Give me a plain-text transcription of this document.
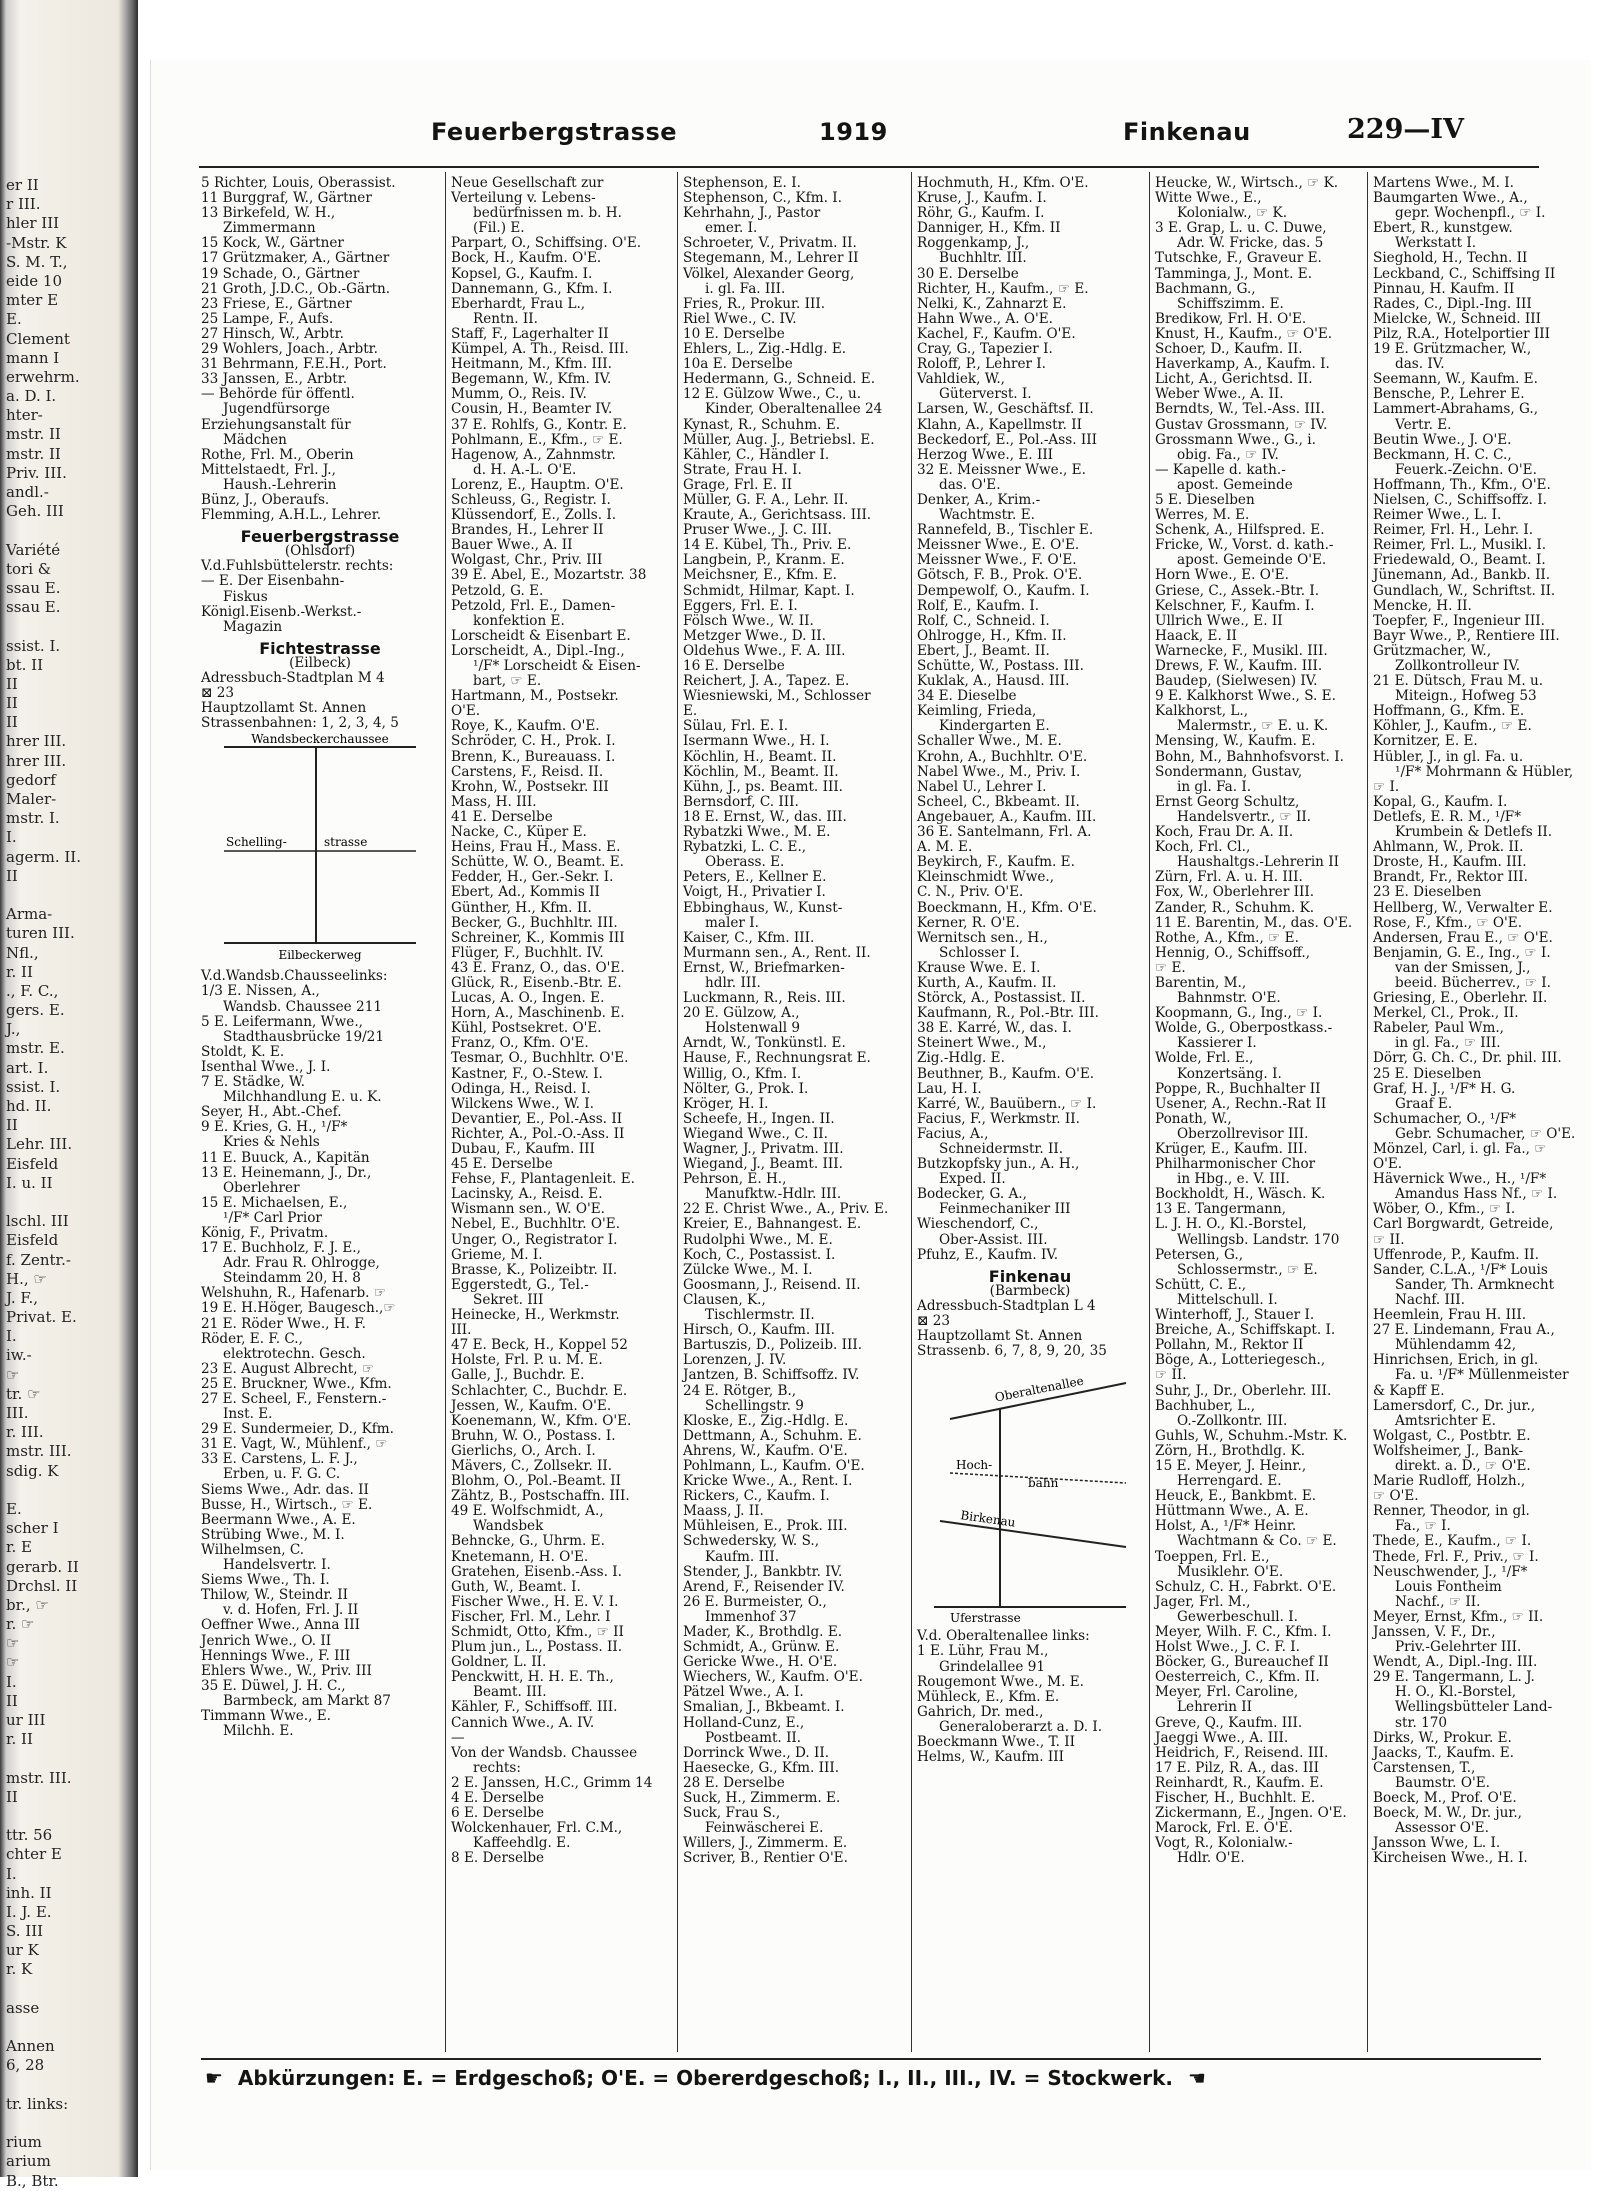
er II
r III.
hler III
-Mstr. K
S. M. T.,
eide 10
mter E
E.
Clement
mann I
erwehrm.
a. D. I.
hter-
mstr. II
mstr. II
Priv. III.
andl.-
Geh. III
Variété
tori &
ssau E.
ssau E.
ssist. I.
bt. II
II
II
II
hrer III.
hrer III.
gedorf
Maler-
mstr. I.
I.
agerm. II.
II
Arma-
turen III.
Nfl.,
r. II
., F. C.,
gers. E.
J.,
mstr. E.
art. I.
ssist. I.
hd. II.
II
Lehr. III.
Eisfeld
I. u. II
lschl. III
Eisfeld
f. Zentr.-
H., ☞
J. F.,
Privat. E.
I.
iw.-
☞
tr. ☞
III.
r. III.
mstr. III.
sdig. K
E.
scher I
r. E
gerarb. II
Drchsl. II
br., ☞
r. ☞
☞
☞
I.
II
ur III
r. II
mstr. III.
II
ttr. 56
chter E
I.
inh. II
I. J. E.
S. III
ur K
r. K
asse
Annen
6, 28
tr. links:
rium
arium
B., Btr.
Feuerbergstrasse	1919	Finkenau	229—IV
5 Richter, Louis, Oberassist.
11 Burggraf, W., Gärtner
13 Birkefeld, W. H.,
Zimmermann
15 Kock, W., Gärtner
17 Grützmaker, A., Gärtner
19 Schade, O., Gärtner
21 Groth, J.D.C., Ob.-Gärtn.
23 Friese, E., Gärtner
25 Lampe, F., Aufs.
27 Hinsch, W., Arbtr.
29 Wohlers, Joach., Arbtr.
31 Behrmann, F.E.H., Port.
33 Janssen, E., Arbtr.
— Behörde für öffentl.
Jugendfürsorge
Erziehungsanstalt für
Mädchen
Rothe, Frl. M., Oberin
Mittelstaedt, Frl. J.,
Haush.-Lehrerin
Bünz, J., Oberaufs.
Flemming, A.H.L., Lehrer.
Feuerbergstrasse
(Ohlsdorf)
V.d.Fuhlsbüttelerstr. rechts:
— E. Der Eisenbahn-
Fiskus
Königl.Eisenb.-Werkst.-
Magazin
Fichtestrasse
(Eilbeck)
Adressbuch-Stadtplan M 4
⊠ 23
Hauptzollamt St. Annen
Strassenbahnen: 1, 2, 3, 4, 5
Wandsbeckerchaussee
Schelling-	strasse
Eilbeckerweg
V.d.Wandsb.Chausseelinks:
1/3 E. Nissen, A.,
Wandsb. Chaussee 211
5 E. Leifermann, Wwe.,
Stadthausbrücke 19/21
Stoldt, K. E.
Isenthal Wwe., J. I.
7 E. Städke, W.
Milchhandlung E. u. K.
Seyer, H., Abt.-Chef.
9 E. Kries, G. H., ¹/F*
Kries & Nehls
11 E. Buuck, A., Kapitän
13 E. Heinemann, J., Dr.,
Oberlehrer
15 E. Michaelsen, E.,
¹/F* Carl Prior
König, F., Privatm.
17 E. Buchholz, F. J. E.,
Adr. Frau R. Ohlrogge,
Steindamm 20, H. 8
Welshuhn, R., Hafenarb. ☞
19 E. H.Höger, Baugesch.,☞
21 E. Röder Wwe., H. F.
Röder, E. F. C.,
elektrotechn. Gesch.
23 E. August Albrecht, ☞
25 E. Bruckner, Wwe., Kfm.
27 E. Scheel, F., Fenstern.-
Inst. E.
29 E. Sundermeier, D., Kfm.
31 E. Vagt, W., Mühlenf., ☞
33 E. Carstens, L. F. J.,
Erben, u. F. G. C.
Siems Wwe., Adr. das. II
Busse, H., Wirtsch., ☞ E.
Beermann Wwe., A. E.
Strübing Wwe., M. I.
Wilhelmsen, C.
Handelsvertr. I.
Siems Wwe., Th. I.
Thilow, W., Steindr. II
v. d. Hofen, Frl. J. II
Oeffner Wwe., Anna III
Jenrich Wwe., O. II
Hennings Wwe., F. III
Ehlers Wwe., W., Priv. III
35 E. Düwel, J. H. C.,
Barmbeck, am Markt 87
Timmann Wwe., E.
Milchh. E.
Neue Gesellschaft zur
Verteilung v. Lebens-
bedürfnissen m. b. H.
(Fil.) E.
Parpart, O., Schiffsing. O'E.
Bock, H., Kaufm. O'E.
Kopsel, G., Kaufm. I.
Dannemann, G., Kfm. I.
Eberhardt, Frau L.,
Rentn. II.
Staff, F., Lagerhalter II
Kümpel, A. Th., Reisd. III.
Heitmann, M., Kfm. III.
Begemann, W., Kfm. IV.
Mumm, O., Reis. IV.
Cousin, H., Beamter IV.
37 E. Rohlfs, G., Kontr. E.
Pohlmann, E., Kfm., ☞ E.
Hagenow, A., Zahnmstr.
d. H. A.-L. O'E.
Lorenz, E., Hauptm. O'E.
Schleuss, G., Registr. I.
Klüssendorf, E., Zolls. I.
Brandes, H., Lehrer II
Bauer Wwe., A. II
Wolgast, Chr., Priv. III
39 E. Abel, E., Mozartstr. 38
Petzold, G. E.
Petzold, Frl. E., Damen-
konfektion E.
Lorscheidt & Eisenbart E.
Lorscheidt, A., Dipl.-Ing.,
¹/F* Lorscheidt & Eisen-
bart, ☞ E.
Hartmann, M., Postsekr.
O'E.
Roye, K., Kaufm. O'E.
Schröder, C. H., Prok. I.
Brenn, K., Bureauass. I.
Carstens, F., Reisd. II.
Krohn, W., Postsekr. III
Mass, H. III.
41 E. Derselbe
Nacke, C., Küper E.
Heins, Frau H., Mass. E.
Schütte, W. O., Beamt. E.
Fedder, H., Ger.-Sekr. I.
Ebert, Ad., Kommis II
Günther, H., Kfm. II.
Becker, G., Buchhltr. III.
Schreiner, K., Kommis III
Flüger, F., Buchhlt. IV.
43 E. Franz, O., das. O'E.
Glück, R., Eisenb.-Btr. E.
Lucas, A. O., Ingen. E.
Horn, A., Maschinenb. E.
Kühl, Postsekret. O'E.
Franz, O., Kfm. O'E.
Tesmar, O., Buchhltr. O'E.
Kastner, F., O.-Stew. I.
Odinga, H., Reisd. I.
Wilckens Wwe., W. I.
Devantier, E., Pol.-Ass. II
Richter, A., Pol.-O.-Ass. II
Dubau, F., Kaufm. III
45 E. Derselbe
Fehse, F., Plantagenleit. E.
Lacinsky, A., Reisd. E.
Wismann sen., W. O'E.
Nebel, E., Buchhltr. O'E.
Unger, O., Registrator I.
Grieme, M. I.
Brasse, K., Polizeibtr. II.
Eggerstedt, G., Tel.-
Sekret. III
Heinecke, H., Werkmstr.
III.
47 E. Beck, H., Koppel 52
Holste, Frl. P. u. M. E.
Galle, J., Buchdr. E.
Schlachter, C., Buchdr. E.
Jessen, W., Kaufm. O'E.
Koenemann, W., Kfm. O'E.
Bruhn, W. O., Postass. I.
Gierlichs, O., Arch. I.
Mävers, C., Zollsekr. II.
Blohm, O., Pol.-Beamt. II
Zähtz, B., Postschaffn. III.
49 E. Wolfschmidt, A.,
Wandsbek
Behncke, G., Uhrm. E.
Knetemann, H. O'E.
Gratehen, Eisenb.-Ass. I.
Guth, W., Beamt. I.
Fischer Wwe., H. E. V. I.
Fischer, Frl. M., Lehr. I
Schmidt, Otto, Kfm., ☞ II
Plum jun., L., Postass. II.
Goldner, L. II.
Penckwitt, H. H. E. Th.,
Beamt. III.
Kähler, F., Schiffsoff. III.
Cannich Wwe., A. IV.
—
Von der Wandsb. Chaussee
rechts:
2 E. Janssen, H.C., Grimm 14
4 E. Derselbe
6 E. Derselbe
Wolckenhauer, Frl. C.M.,
Kaffeehdlg. E.
8 E. Derselbe
Stephenson, E. I.
Stephenson, C., Kfm. I.
Kehrhahn, J., Pastor
emer. I.
Schroeter, V., Privatm. II.
Stegemann, M., Lehrer II
Völkel, Alexander Georg,
i. gl. Fa. III.
Fries, R., Prokur. III.
Riel Wwe., C. IV.
10 E. Derselbe
Ehlers, L., Zig.-Hdlg. E.
10a E. Derselbe
Hedermann, G., Schneid. E.
12 E. Gülzow Wwe., C., u.
Kinder, Oberaltenallee 24
Kynast, R., Schuhm. E.
Müller, Aug. J., Betriebsl. E.
Kähler, C., Händler I.
Strate, Frau H. I.
Grage, Frl. E. II
Müller, G. F. A., Lehr. II.
Kraute, A., Gerichtsass. III.
Pruser Wwe., J. C. III.
14 E. Kübel, Th., Priv. E.
Langbein, P., Kranm. E.
Meichsner, E., Kfm. E.
Schmidt, Hilmar, Kapt. I.
Eggers, Frl. E. I.
Fölsch Wwe., W. II.
Metzger Wwe., D. II.
Oldehus Wwe., F. A. III.
16 E. Derselbe
Reichert, J. A., Tapez. E.
Wiesniewski, M., Schlosser
E.
Sülau, Frl. E. I.
Isermann Wwe., H. I.
Köchlin, H., Beamt. II.
Köchlin, M., Beamt. II.
Kühn, J., ps. Beamt. III.
Bernsdorf, C. III.
18 E. Ernst, W., das. III.
Rybatzki Wwe., M. E.
Rybatzki, L. C. E.,
Oberass. E.
Peters, E., Kellner E.
Voigt, H., Privatier I.
Ebbinghaus, W., Kunst-
maler I.
Kaiser, C., Kfm. III.
Murmann sen., A., Rent. II.
Ernst, W., Briefmarken-
hdlr. III.
Luckmann, R., Reis. III.
20 E. Gülzow, A.,
Holstenwall 9
Arndt, W., Tonkünstl. E.
Hause, F., Rechnungsrat E.
Willig, O., Kfm. I.
Nölter, G., Prok. I.
Kröger, H. I.
Scheefe, H., Ingen. II.
Wiegand Wwe., C. II.
Wagner, J., Privatm. III.
Wiegand, J., Beamt. III.
Pehrson, E. H.,
Manufktw.-Hdlr. III.
22 E. Christ Wwe., A., Priv. E.
Kreier, E., Bahnangest. E.
Rudolphi Wwe., M. E.
Koch, C., Postassist. I.
Zülcke Wwe., M. I.
Goosmann, J., Reisend. II.
Clausen, K.,
Tischlermstr. II.
Hirsch, O., Kaufm. III.
Bartuszis, D., Polizeib. III.
Lorenzen, J. IV.
Jantzen, B. Schiffsoffz. IV.
24 E. Rötger, B.,
Schellingstr. 9
Kloske, E., Zig.-Hdlg. E.
Dettmann, A., Schuhm. E.
Ahrens, W., Kaufm. O'E.
Pohlmann, L., Kaufm. O'E.
Kricke Wwe., A., Rent. I.
Rickers, C., Kaufm. I.
Maass, J. II.
Mühleisen, E., Prok. III.
Schwedersky, W. S.,
Kaufm. III.
Stender, J., Bankbtr. IV.
Arend, F., Reisender IV.
26 E. Burmeister, O.,
Immenhof 37
Mader, K., Brothdlg. E.
Schmidt, A., Grünw. E.
Gericke Wwe., H. O'E.
Wiechers, W., Kaufm. O'E.
Pätzel Wwe., A. I.
Smalian, J., Bkbeamt. I.
Holland-Cunz, E.,
Postbeamt. II.
Dorrinck Wwe., D. II.
Haesecke, G., Kfm. III.
28 E. Derselbe
Suck, H., Zimmerm. E.
Suck, Frau S.,
Feinwäscherei E.
Willers, J., Zimmerm. E.
Scriver, B., Rentier O'E.
Hochmuth, H., Kfm. O'E.
Kruse, J., Kaufm. I.
Röhr, G., Kaufm. I.
Danniger, H., Kfm. II
Roggenkamp, J.,
Buchhltr. III.
30 E. Derselbe
Richter, H., Kaufm., ☞ E.
Nelki, K., Zahnarzt E.
Hahn Wwe., A. O'E.
Kachel, F., Kaufm. O'E.
Cray, G., Tapezier I.
Roloff, P., Lehrer I.
Vahldiek, W.,
Güterverst. I.
Larsen, W., Geschäftsf. II.
Klahn, A., Kapellmstr. II
Beckedorf, E., Pol.-Ass. III
Herzog Wwe., E. III
32 E. Meissner Wwe., E.
das. O'E.
Denker, A., Krim.-
Wachtmstr. E.
Rannefeld, B., Tischler E.
Meissner Wwe., E. O'E.
Meissner Wwe., F. O'E.
Götsch, F. B., Prok. O'E.
Dempewolf, O., Kaufm. I.
Rolf, E., Kaufm. I.
Rolf, C., Schneid. I.
Ohlrogge, H., Kfm. II.
Ebert, J., Beamt. II.
Schütte, W., Postass. III.
Kuklak, A., Hausd. III.
34 E. Dieselbe
Keimling, Frieda,
Kindergarten E.
Schaller Wwe., M. E.
Krohn, A., Buchhltr. O'E.
Nabel Wwe., M., Priv. I.
Nabel U., Lehrer I.
Scheel, C., Bkbeamt. II.
Angebauer, A., Kaufm. III.
36 E. Santelmann, Frl. A.
A. M. E.
Beykirch, F., Kaufm. E.
Kleinschmidt Wwe.,
C. N., Priv. O'E.
Boeckmann, H., Kfm. O'E.
Kerner, R. O'E.
Wernitsch sen., H.,
Schlosser I.
Krause Wwe. E. I.
Kurth, A., Kaufm. II.
Störck, A., Postassist. II.
Kaufmann, R., Pol.-Btr. III.
38 E. Karré, W., das. I.
Steinert Wwe., M.,
Zig.-Hdlg. E.
Beuthner, B., Kaufm. O'E.
Lau, H. I.
Karré, W., Bauübern., ☞ I.
Facius, F., Werkmstr. II.
Facius, A.,
Schneidermstr. II.
Butzkopfsky jun., A. H.,
Exped. II.
Bodecker, G. A.,
Feinmechaniker III
Wieschendorf, C.,
Ober-Assist. III.
Pfuhz, E., Kaufm. IV.
Finkenau
(Barmbeck)
Adressbuch-Stadtplan L 4
⊠ 23
Hauptzollamt St. Annen
Strassenb. 6, 7, 8, 9, 20, 35
Oberaltenallee
Hoch-
bahn
Birkenau
Uferstrasse
V.d. Oberaltenallee links:
1 E. Lühr, Frau M.,
Grindelallee 91
Rougemont Wwe., M. E.
Mühleck, E., Kfm. E.
Gahrich, Dr. med.,
Generaloberarzt a. D. I.
Boeckmann Wwe., T. II
Helms, W., Kaufm. III
Heucke, W., Wirtsch., ☞ K.
Witte Wwe., E.,
Kolonialw., ☞ K.
3 E. Grap, L. u. C. Duwe,
Adr. W. Fricke, das. 5
Tutschke, F., Graveur E.
Tamminga, J., Mont. E.
Bachmann, G.,
Schiffszimm. E.
Bredikow, Frl. H. O'E.
Knust, H., Kaufm., ☞ O'E.
Schoer, D., Kaufm. II.
Haverkamp, A., Kaufm. I.
Licht, A., Gerichtsd. II.
Weber Wwe., A. II.
Berndts, W., Tel.-Ass. III.
Gustav Grossmann, ☞ IV.
Grossmann Wwe., G., i.
obig. Fa., ☞ IV.
— Kapelle d. kath.-
apost. Gemeinde
5 E. Dieselben
Werres, M. E.
Schenk, A., Hilfspred. E.
Fricke, W., Vorst. d. kath.-
apost. Gemeinde O'E.
Horn Wwe., E. O'E.
Griese, C., Assek.-Btr. I.
Kelschner, F., Kaufm. I.
Ullrich Wwe., E. II
Haack, E. II
Warnecke, F., Musikl. III.
Drews, F. W., Kaufm. III.
Baudep, (Sielwesen) IV.
9 E. Kalkhorst Wwe., S. E.
Kalkhorst, L.,
Malermstr., ☞ E. u. K.
Mensing, W., Kaufm. E.
Bohn, M., Bahnhofsvorst. I.
Sondermann, Gustav,
in gl. Fa. I.
Ernst Georg Schultz,
Handelsvertr., ☞ II.
Koch, Frau Dr. A. II.
Koch, Frl. Cl.,
Haushaltgs.-Lehrerin II
Zürn, Frl. A. u. H. III.
Fox, W., Oberlehrer III.
Zander, R., Schuhm. K.
11 E. Barentin, M., das. O'E.
Rothe, A., Kfm., ☞ E.
Hennig, O., Schiffsoff.,
☞ E.
Barentin, M.,
Bahnmstr. O'E.
Koopmann, G., Ing., ☞ I.
Wolde, G., Oberpostkass.-
Kassierer I.
Wolde, Frl. E.,
Konzertsäng. I.
Poppe, R., Buchhalter II
Usener, A., Rechn.-Rat II
Ponath, W.,
Oberzollrevisor III.
Krüger, E., Kaufm. III.
Philharmonischer Chor
in Hbg., e. V. III.
Bockholdt, H., Wäsch. K.
13 E. Tangermann,
L. J. H. O., Kl.-Borstel,
Wellingsb. Landstr. 170
Petersen, G.,
Schlossermstr., ☞ E.
Schütt, C. E.,
Mittelschull. I.
Winterhoff, J., Stauer I.
Breiche, A., Schiffskapt. I.
Pollahn, M., Rektor II
Böge, A., Lotteriegesch.,
☞ II.
Suhr, J., Dr., Oberlehr. III.
Bachhuber, L.,
O.-Zollkontr. III.
Guhls, W., Schuhm.-Mstr. K.
Zörn, H., Brothdlg. K.
15 E. Meyer, J. Heinr.,
Herrengard. E.
Heuck, E., Bankbmt. E.
Hüttmann Wwe., A. E.
Holst, A., ¹/F* Heinr.
Wachtmann & Co. ☞ E.
Toeppen, Frl. E.,
Musiklehr. O'E.
Schulz, C. H., Fabrkt. O'E.
Jager, Frl. M.,
Gewerbeschull. I.
Meyer, Wilh. F. C., Kfm. I.
Holst Wwe., J. C. F. I.
Böcker, G., Bureauchef II
Oesterreich, C., Kfm. II.
Meyer, Frl. Caroline,
Lehrerin II
Greve, Q., Kaufm. III.
Jaeggi Wwe., A. III.
Heidrich, F., Reisend. III.
17 E. Pilz, R. A., das. III
Reinhardt, R., Kaufm. E.
Fischer, H., Buchhlt. E.
Zickermann, E., Jngen. O'E.
Marock, Frl. E. O'E.
Vogt, R., Kolonialw.-
Hdlr. O'E.
Martens Wwe., M. I.
Baumgarten Wwe., A.,
gepr. Wochenpfl., ☞ I.
Ebert, R., kunstgew.
Werkstatt I.
Sieghold, H., Techn. II
Leckband, C., Schiffsing II
Pinnau, H. Kaufm. II
Rades, C., Dipl.-Ing. III
Mielcke, W., Schneid. III
Pilz, R.A., Hotelportier III
19 E. Grützmacher, W.,
das. IV.
Seemann, W., Kaufm. E.
Bensche, P., Lehrer E.
Lammert-Abrahams, G.,
Vertr. E.
Beutin Wwe., J. O'E.
Beckmann, H. C. C.,
Feuerk.-Zeichn. O'E.
Hoffmann, Th., Kfm., O'E.
Nielsen, C., Schiffsoffz. I.
Reimer Wwe., L. I.
Reimer, Frl. H., Lehr. I.
Reimer, Frl. L., Musikl. I.
Friedewald, O., Beamt. I.
Jünemann, Ad., Bankb. II.
Gundlach, W., Schriftst. II.
Mencke, H. II.
Toepfer, F., Ingenieur III.
Bayr Wwe., P., Rentiere III.
Grützmacher, W.,
Zollkontrolleur IV.
21 E. Dütsch, Frau M. u.
Miteign., Hofweg 53
Hoffmann, G., Kfm. E.
Köhler, J., Kaufm., ☞ E.
Kornitzer, E. E.
Hübler, J., in gl. Fa. u.
¹/F* Mohrmann & Hübler,
☞ I.
Kopal, G., Kaufm. I.
Detlefs, E. R. M., ¹/F*
Krumbein & Detlefs II.
Ahlmann, W., Prok. II.
Droste, H., Kaufm. III.
Brandt, Fr., Rektor III.
23 E. Dieselben
Hellberg, W., Verwalter E.
Rose, F., Kfm., ☞ O'E.
Andersen, Frau E., ☞ O'E.
Benjamin, G. E., Ing., ☞ I.
van der Smissen, J.,
beeid. Bücherrev., ☞ I.
Griesing, E., Oberlehr. II.
Merkel, Cl., Prok., II.
Rabeler, Paul Wm.,
in gl. Fa., ☞ III.
Dörr, G. Ch. C., Dr. phil. III.
25 E. Dieselben
Graf, H. J., ¹/F* H. G.
Graaf E.
Schumacher, O., ¹/F*
Gebr. Schumacher, ☞ O'E.
Mönzel, Carl, i. gl. Fa., ☞
O'E.
Hävernick Wwe., H., ¹/F*
Amandus Hass Nf., ☞ I.
Wöber, O., Kfm., ☞ I.
Carl Borgwardt, Getreide,
☞ II.
Uffenrode, P., Kaufm. II.
Sander, C.L.A., ¹/F* Louis
Sander, Th. Armknecht
Nachf. III.
Heemlein, Frau H. III.
27 E. Lindemann, Frau A.,
Mühlendamm 42,
Hinrichsen, Erich, in gl.
Fa. u. ¹/F* Müllenmeister
& Kapff E.
Lamersdorf, C., Dr. jur.,
Amtsrichter E.
Wolgast, C., Postbtr. E.
Wolfsheimer, J., Bank-
direkt. a. D., ☞ O'E.
Marie Rudloff, Holzh.,
☞ O'E.
Renner, Theodor, in gl.
Fa., ☞ I.
Thede, E., Kaufm., ☞ I.
Thede, Frl. F., Priv., ☞ I.
Neuschwender, J., ¹/F*
Louis Fontheim
Nachf., ☞ II.
Meyer, Ernst, Kfm., ☞ II.
Janssen, V. F., Dr.,
Priv.-Gelehrter III.
Wendt, A., Dipl.-Ing. III.
29 E. Tangermann, L. J.
H. O., Kl.-Borstel,
Wellingsbütteler Land-
str. 170
Dirks, W., Prokur. E.
Jaacks, T., Kaufm. E.
Carstensen, T.,
Baumstr. O'E.
Boeck, M., Prof. O'E.
Boeck, M. W., Dr. jur.,
Assessor O'E.
Jansson Wwe, L. I.
Kircheisen Wwe., H. I.
☛ Abkürzungen: E. = Erdgeschoß; O'E. = Obererdgeschoß; I., II., III., IV. = Stockwerk. ☚
